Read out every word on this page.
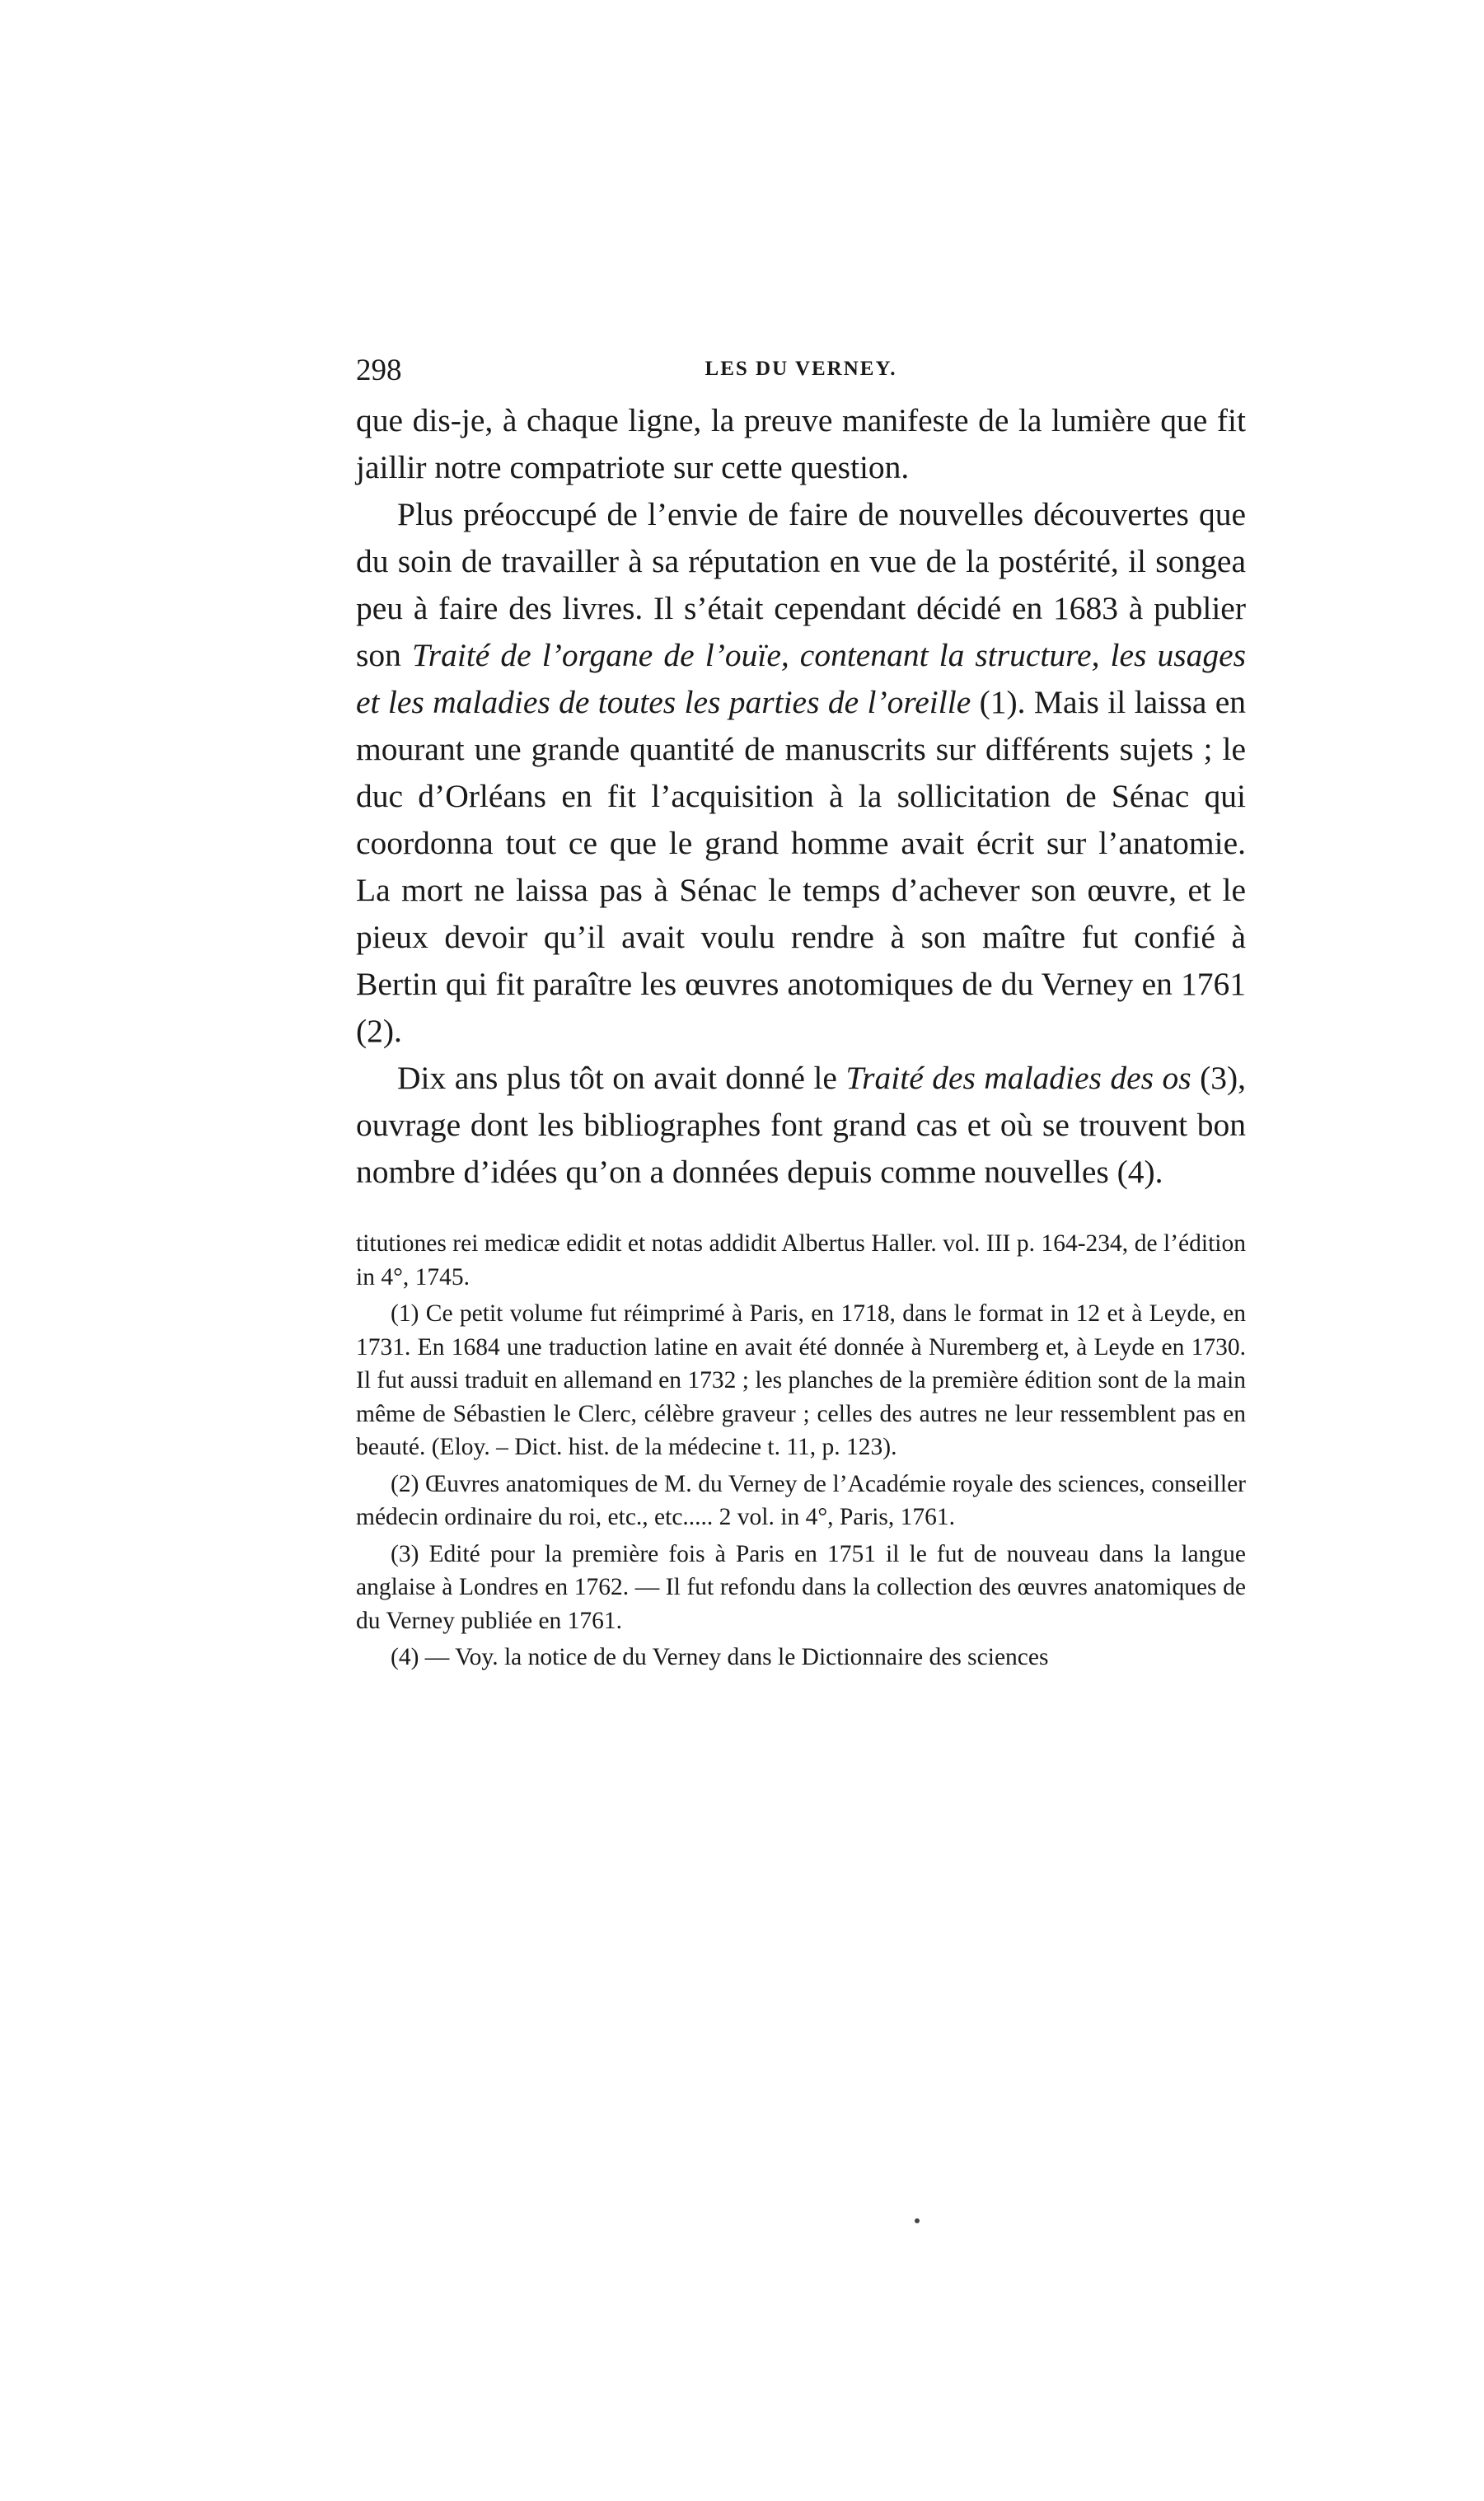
298	LES DU VERNEY.

que dis-je, à chaque ligne, la preuve manifeste de la lumière que fit jaillir notre compatriote sur cette question.

Plus préoccupé de l’envie de faire de nouvelles découvertes que du soin de travailler à sa réputation en vue de la postérité, il songea peu à faire des livres. Il s’était cependant décidé en 1683 à publier son Traité de l’organe de l’ouïe, contenant la structure, les usages et les maladies de toutes les parties de l’oreille (1). Mais il laissa en mourant une grande quantité de manuscrits sur différents sujets ; le duc d’Orléans en fit l’acquisition à la sollicitation de Sénac qui coordonna tout ce que le grand homme avait écrit sur l’anatomie. La mort ne laissa pas à Sénac le temps d’achever son œuvre, et le pieux devoir qu’il avait voulu rendre à son maître fut confié à Bertin qui fit paraître les œuvres anotomiques de du Verney en 1761 (2).

Dix ans plus tôt on avait donné le Traité des maladies des os (3), ouvrage dont les bibliographes font grand cas et où se trouvent bon nombre d’idées qu’on a données depuis comme nouvelles (4).

titutiones rei medicæ edidit et notas addidit Albertus Haller. vol. III p. 164-234, de l’édition in 4°, 1745.

(1) Ce petit volume fut réimprimé à Paris, en 1718, dans le format in 12 et à Leyde, en 1731. En 1684 une traduction latine en avait été donnée à Nuremberg et, à Leyde en 1730. Il fut aussi traduit en allemand en 1732 ; les planches de la première édition sont de la main même de Sébastien le Clerc, célèbre graveur ; celles des autres ne leur ressemblent pas en beauté. (Eloy. – Dict. hist. de la médecine t. 11, p. 123).

(2) Œuvres anatomiques de M. du Verney de l’Académie royale des sciences, conseiller médecin ordinaire du roi, etc., etc..... 2 vol. in 4°, Paris, 1761.

(3) Edité pour la première fois à Paris en 1751 il le fut de nouveau dans la langue anglaise à Londres en 1762. — Il fut refondu dans la collection des œuvres anatomiques de du Verney publiée en 1761.

(4) — Voy. la notice de du Verney dans le Dictionnaire des sciences
